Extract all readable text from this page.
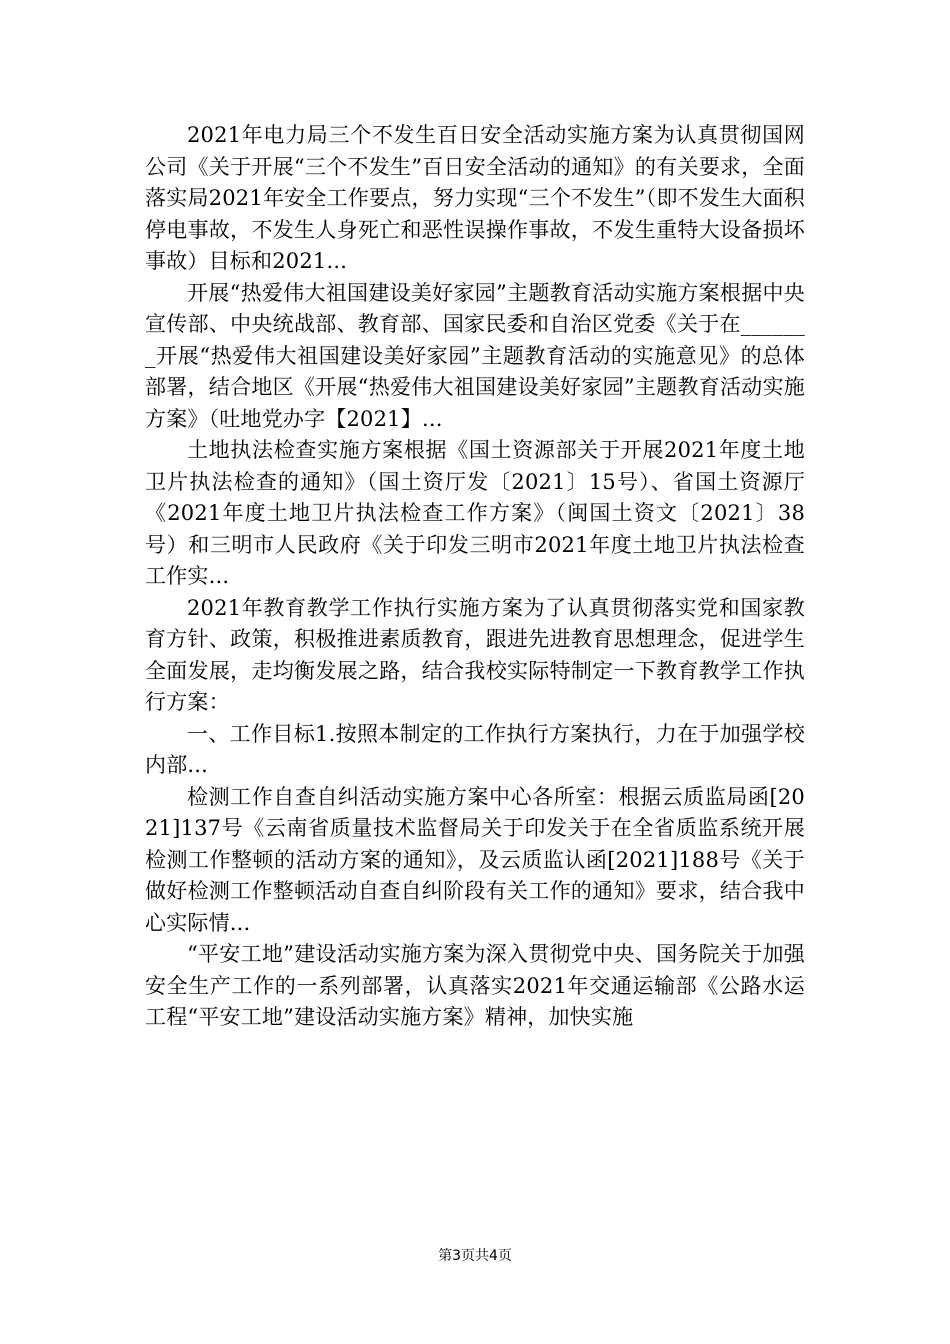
2021年电力局三个不发生百日安全活动实施方案为认真贯彻国网公司《关于开展“三个不发生”百日安全活动的通知》的有关要求，全面落实局2021年安全工作要点，努力实现“三个不发生”（即不发生大面积停电事故，不发生人身死亡和恶性误操作事故，不发生重特大设备损坏事故）目标和2021...

开展“热爱伟大祖国建设美好家园”主题教育活动实施方案根据中央宣传部、中央统战部、教育部、国家民委和自治区党委《关于在_______开展“热爱伟大祖国建设美好家园”主题教育活动的实施意见》的总体部署，结合地区《开展“热爱伟大祖国建设美好家园”主题教育活动实施方案》（吐地党办字【2021】...

土地执法检查实施方案根据《国土资源部关于开展2021年度土地卫片执法检查的通知》（国土资厅发〔2021〕15号）、省国土资源厅《2021年度土地卫片执法检查工作方案》（闽国土资文〔2021〕38号）和三明市人民政府《关于印发三明市2021年度土地卫片执法检查工作实...

2021年教育教学工作执行实施方案为了认真贯彻落实党和国家教育方针、政策，积极推进素质教育，跟进先进教育思想理念，促进学生全面发展，走均衡发展之路，结合我校实际特制定一下教育教学工作执行方案：

一、工作目标1.按照本制定的工作执行方案执行，力在于加强学校内部...

检测工作自查自纠活动实施方案中心各所室：根据云质监局函[2021]137号《云南省质量技术监督局关于印发关于在全省质监系统开展检测工作整顿的活动方案的通知》，及云质监认函[2021]188号《关于做好检测工作整顿活动自查自纠阶段有关工作的通知》要求，结合我中心实际情...

“平安工地”建设活动实施方案为深入贯彻党中央、国务院关于加强安全生产工作的一系列部署，认真落实2021年交通运输部《公路水运工程“平安工地”建设活动实施方案》精神，加快实施

第3页共4页
